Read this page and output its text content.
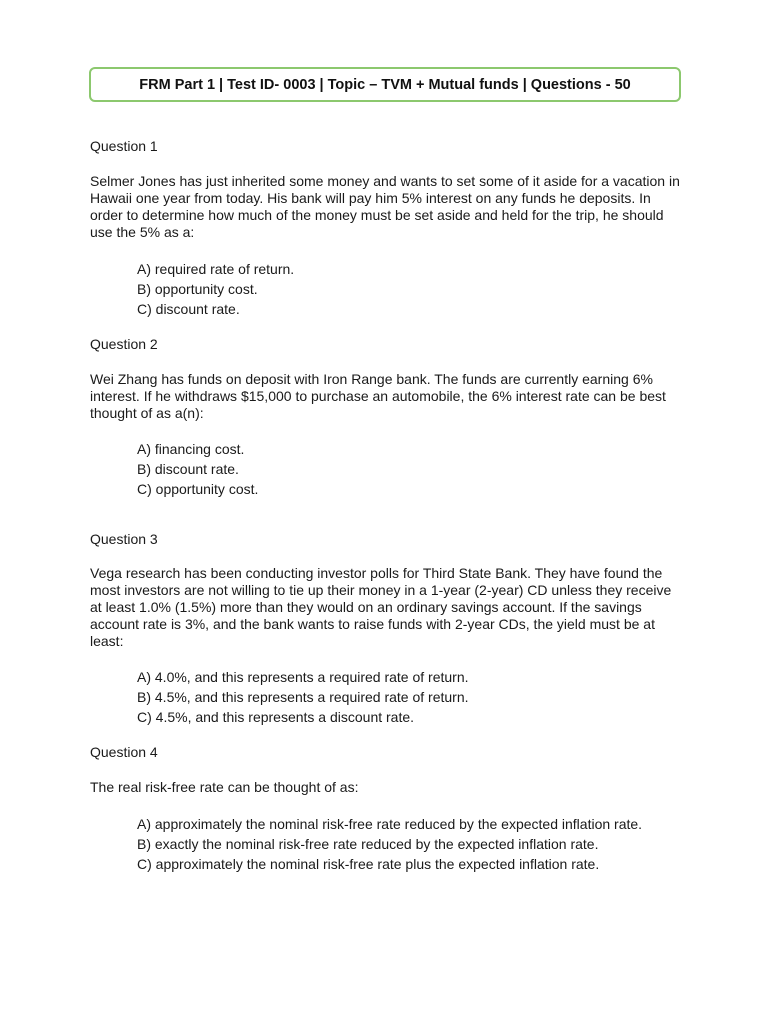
FRM Part 1 | Test ID- 0003 | Topic – TVM + Mutual funds | Questions - 50

Question 1

Selmer Jones has just inherited some money and wants to set some of it aside for a vacation in Hawaii one year from today. His bank will pay him 5% interest on any funds he deposits. In order to determine how much of the money must be set aside and held for the trip, he should use the 5% as a:

A) required rate of return.
B) opportunity cost.
C) discount rate.

Question 2

Wei Zhang has funds on deposit with Iron Range bank. The funds are currently earning 6% interest. If he withdraws $15,000 to purchase an automobile, the 6% interest rate can be best thought of as a(n):

A) financing cost.
B) discount rate.
C) opportunity cost.

Question 3

Vega research has been conducting investor polls for Third State Bank. They have found the most investors are not willing to tie up their money in a 1-year (2-year) CD unless they receive at least 1.0% (1.5%) more than they would on an ordinary savings account. If the savings account rate is 3%, and the bank wants to raise funds with 2-year CDs, the yield must be at least:

A) 4.0%, and this represents a required rate of return.
B) 4.5%, and this represents a required rate of return.
C) 4.5%, and this represents a discount rate.

Question 4

The real risk-free rate can be thought of as:

A) approximately the nominal risk-free rate reduced by the expected inflation rate.
B) exactly the nominal risk-free rate reduced by the expected inflation rate.
C) approximately the nominal risk-free rate plus the expected inflation rate.
